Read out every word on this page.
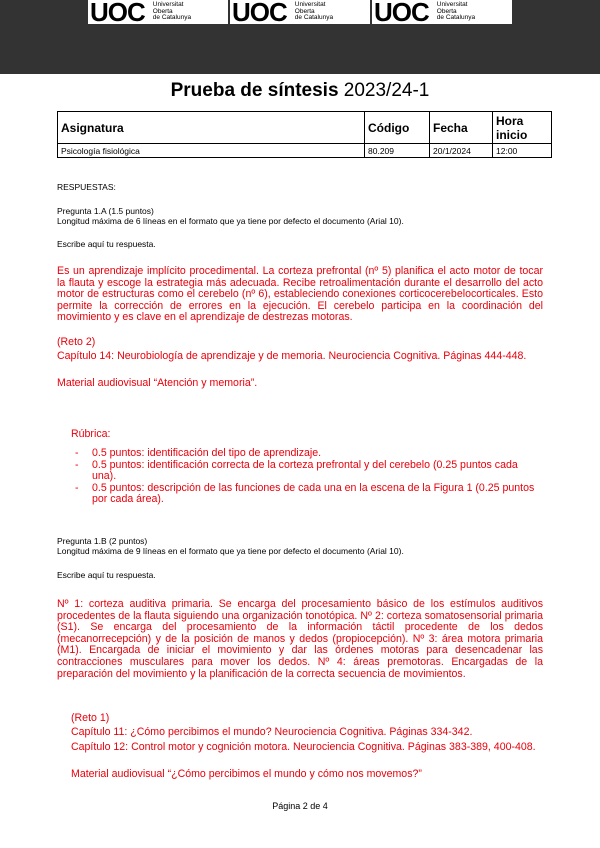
UOC Universitat
Oberta
de Catalunya UOC Universitat
Oberta
de Catalunya UOC Universitat
Oberta
de Catalunya
Prueba de síntesis 2023/24-1
Asignatura	Código	Fecha	Hora inicio
Psicología fisiológica	80.209	20/1/2024	12:00
RESPUESTAS:
Pregunta 1.A (1.5 puntos)
Longitud máxima de 6 líneas en el formato que ya tiene por defecto el documento (Arial 10).
Escribe aquí tu respuesta.
Es un aprendizaje implícito procedimental. La corteza prefrontal (nº 5) planifica el acto motor de tocar la flauta y escoge la estrategia más adecuada. Recibe retroalimentación durante el desarrollo del acto motor de estructuras como el cerebelo (nº 6), estableciendo conexiones corticocerebelocorticales. Esto permite la corrección de errores en la ejecución. El cerebelo participa en la coordinación del movimiento y es clave en el aprendizaje de destrezas motoras.
(Reto 2)
Capítulo 14: Neurobiología de aprendizaje y de memoria. Neurociencia Cognitiva. Páginas 444-448.
Material audiovisual “Atención y memoria”.
Rúbrica:
- 0.5 puntos: identificación del tipo de aprendizaje.
- 0.5 puntos: identificación correcta de la corteza prefrontal y del cerebelo (0.25 puntos cada una).
- 0.5 puntos: descripción de las funciones de cada una en la escena de la Figura 1 (0.25 puntos por cada área).
Pregunta 1.B (2 puntos)
Longitud máxima de 9 líneas en el formato que ya tiene por defecto el documento (Arial 10).
Escribe aquí tu respuesta.
Nº 1: corteza auditiva primaria. Se encarga del procesamiento básico de los estímulos auditivos procedentes de la flauta siguiendo una organización tonotópica. Nº 2: corteza somatosensorial primaria (S1). Se encarga del procesamiento de la información táctil procedente de los dedos (mecanorrecepción) y de la posición de manos y dedos (propiocepción). Nº 3: área motora primaria (M1). Encargada de iniciar el movimiento y dar las órdenes motoras para desencadenar las contracciones musculares para mover los dedos. Nº 4: áreas premotoras. Encargadas de la preparación del movimiento y la planificación de la correcta secuencia de movimientos.
(Reto 1)
Capítulo 11: ¿Cómo percibimos el mundo? Neurociencia Cognitiva. Páginas 334-342.
Capítulo 12: Control motor y cognición motora. Neurociencia Cognitiva. Páginas 383-389, 400-408.
Material audiovisual “¿Cómo percibimos el mundo y cómo nos movemos?”
Página 2 de 4
